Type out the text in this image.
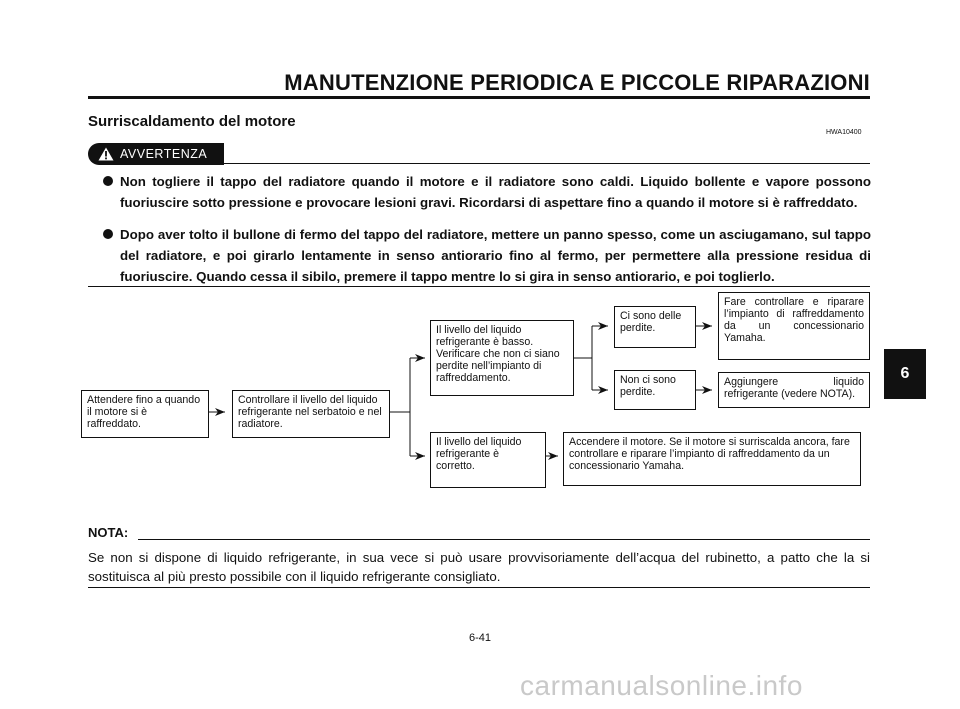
MANUTENZIONE PERIODICA E PICCOLE RIPARAZIONI
Surriscaldamento del motore
HWA10400
AVVERTENZA
Non togliere il tappo del radiatore quando il motore e il radiatore sono caldi. Liquido bollente e vapore possono fuoriuscire sotto pressione e provocare lesioni gravi. Ricordarsi di aspettare fino a quando il motore si è raffreddato.
Dopo aver tolto il bullone di fermo del tappo del radiatore, mettere un panno spesso, come un asciugamano, sul tappo del radiatore, e poi girarlo lentamente in senso antiorario fino al fermo, per permettere alla pressione residua di fuoriuscire. Quando cessa il sibilo, premere il tappo mentre lo si gira in senso antiorario, e poi toglierlo.
Attendere fino a quando il motore si è raffreddato.
Controllare il livello del liquido refrigerante nel serbatoio e nel radiatore.
Il livello del liquido refrigerante è basso. Verificare che non ci siano perdite nell’impianto di raffreddamento.
Il livello del liquido refrigerante è corretto.
Ci sono delle perdite.
Non ci sono perdite.
Fare controllare e riparare l’impianto di raffreddamento da un concessionario Yamaha.
Aggiungere liquido refrigerante (vedere NOTA).
Accendere il motore. Se il motore si surriscalda ancora, fare controllare e riparare l’impianto di raffreddamento da un concessionario Yamaha.
NOTA:
Se non si dispone di liquido refrigerante, in sua vece si può usare provvisoriamente dell’acqua del rubinetto, a patto che la si sostituisca al più presto possibile con il liquido refrigerante consigliato.
6-41
6
carmanualsonline.info
